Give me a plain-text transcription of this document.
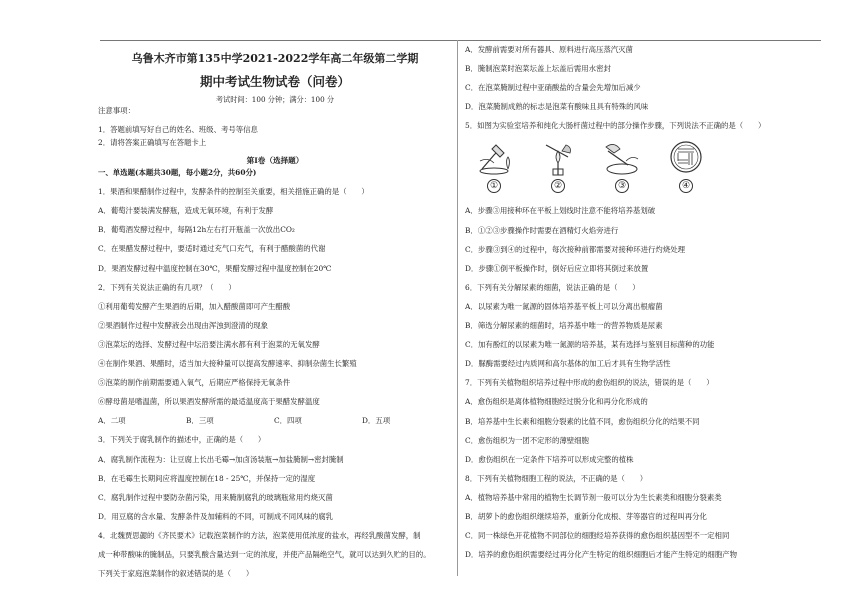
乌鲁木齐市第135中学2021-2022学年高二年级第二学期
期中考试生物试卷（问卷）
考试时间：100 分钟；满分：100 分
注意事项：
1．答题前填写好自己的姓名、班级、考号等信息
2．请将答案正确填写在答题卡上
第Ⅰ卷（选择题）
一、单选题(本题共30题，每小题2分，共60分)
1．果酒和果醋制作过程中，发酵条件的控制至关重要，相关措施正确的是（　　）
A．葡萄汁要装满发酵瓶，造成无氧环境，有利于发酵
B．葡萄酒发酵过程中，每隔12h左右打开瓶盖一次放出CO₂
C．在果醋发酵过程中，要适时通过充气口充气，有利于醋酸菌的代谢
D．果酒发酵过程中温度控制在30℃，果醋发酵过程中温度控制在20℃
2．下列有关说法正确的有几项？（　　）
①利用葡萄发酵产生果酒的后期，加入醋酸菌即可产生醋酸
②果酒制作过程中发酵液会出现由浑浊到澄清的现象
③泡菜坛的选择、发酵过程中坛沿要注满水都有利于泡菜的无氧发酵
④在制作果酒、果醋时，适当加大接种量可以提高发酵速率、抑制杂菌生长繁殖
⑤泡菜的制作前期需要通入氧气，后期应严格保持无氧条件
⑥酵母菌是嗜温菌，所以果酒发酵所需的最适温度高于果醋发酵温度
A．二项	B．三项	C．四项	D．五项
3．下列关于腐乳制作的描述中，正确的是（　　）
A．腐乳制作流程为：让豆腐上长出毛霉→加卤汤装瓶→加盐腌制→密封腌制
B．在毛霉生长期间应将温度控制在18 - 25℃，并保持一定的湿度
C．腐乳制作过程中要防杂菌污染，用来腌制腐乳的玻璃瓶常用灼烧灭菌
D．用豆腐的含水量、发酵条件及加辅料的不同，可制成不同风味的腐乳
4．北魏贾思勰的《齐民要术》记载泡菜制作的方法，泡菜使用低浓度的盐水，再经乳酸菌发酵，制
成一种带酸味的腌制品，只要乳酸含量达到一定的浓度，并使产品隔绝空气，就可以达到久贮的目的。
下列关于家庭泡菜制作的叙述错误的是（　　）
A．发酵前需要对所有器具、原料进行高压蒸汽灭菌
B．腌制泡菜时泡菜坛盖上坛盖后需用水密封
C．在泡菜腌制过程中亚硝酸盐的含量会先增加后减少
D．泡菜腌制成熟的标志是泡菜有酸味且具有特殊的风味
5．如图为实验室培养和纯化大肠杆菌过程中的部分操作步骤，下列说法不正确的是（　　）
①	②	③	④
A．步骤③用接种环在平板上划线时注意不能将培养基划破
B．①②③步骤操作时需要在酒精灯火焰旁进行
C．步骤③到④的过程中，每次接种前都需要对接种环进行灼烧处理
D．步骤①倒平板操作时，倒好后应立即将其倒过来放置
6．下列有关分解尿素的细菌，说法正确的是（　　）
A．以尿素为唯一氮源的固体培养基平板上可以分离出根瘤菌
B．筛选分解尿素的细菌时，培养基中唯一的营养物质是尿素
C．加有酚红的以尿素为唯一氮源的培养基，某有选择与鉴别目标菌种的功能
D．脲酶需要经过内质网和高尔基体的加工后才具有生物学活性
7．下列有关植物组织培养过程中形成的愈伤组织的说法，错误的是（　　）
A．愈伤组织是离体植物细胞经过脱分化和再分化形成的
B．培养基中生长素和细胞分裂素的比值不同，愈伤组织分化的结果不同
C．愈伤组织为一团不定形的薄壁细胞
D．愈伤组织在一定条件下培养可以形成完整的植株
8．下列有关植物细胞工程的说法，不正确的是（　　）
A．植物培养基中常用的植物生长调节剂一般可以分为生长素类和细胞分裂素类
B．胡萝卜的愈伤组织继续培养，重新分化成根、芽等器官的过程叫再分化
C．同一株绿色开花植物不同部位的细胞经培养获得的愈伤组织基因型不一定相同
D．培养的愈伤组织需要经过再分化产生特定的组织细胞后才能产生特定的细胞产物
